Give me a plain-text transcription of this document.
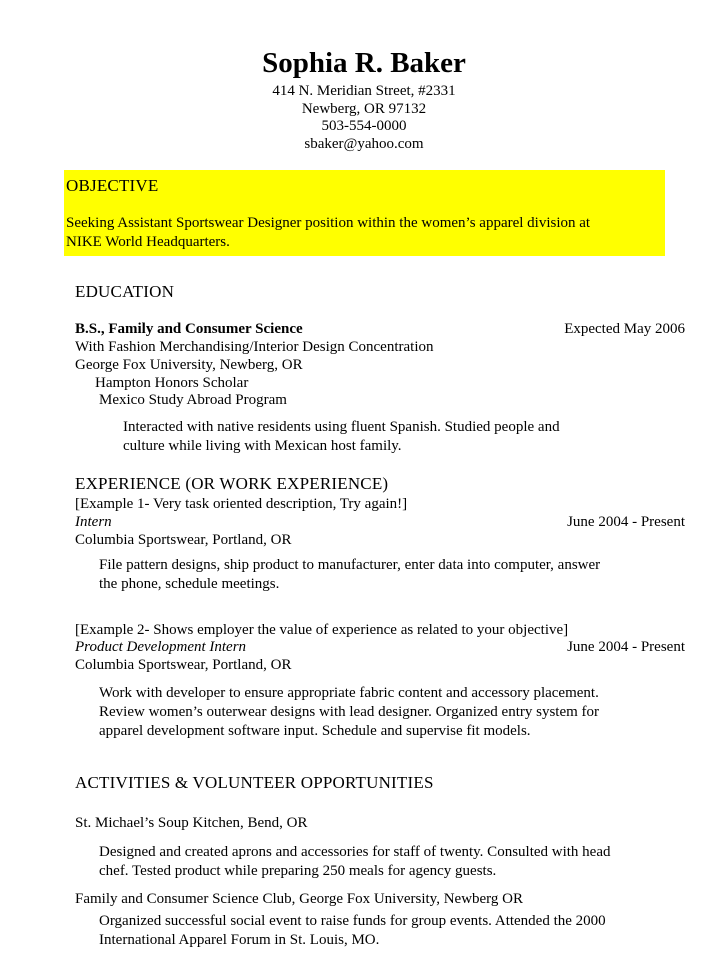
Sophia R. Baker
414 N. Meridian Street, #2331
Newberg, OR 97132
503-554-0000
sbaker@yahoo.com
OBJECTIVE
Seeking Assistant Sportswear Designer position within the women’s apparel division at
NIKE World Headquarters.
EDUCATION
B.S., Family and Consumer Science	Expected May 2006
With Fashion Merchandising/Interior Design Concentration
George Fox University, Newberg, OR
Hampton Honors Scholar
Mexico Study Abroad Program
Interacted with native residents using fluent Spanish. Studied people and
culture while living with Mexican host family.
EXPERIENCE (OR WORK EXPERIENCE)
[Example 1- Very task oriented description, Try again!]
Intern	June 2004 - Present
Columbia Sportswear, Portland, OR
File pattern designs, ship product to manufacturer, enter data into computer, answer
the phone, schedule meetings.
[Example 2- Shows employer the value of experience as related to your objective]
Product Development Intern	June 2004 - Present
Columbia Sportswear, Portland, OR
Work with developer to ensure appropriate fabric content and accessory placement.
Review women’s outerwear designs with lead designer. Organized entry system for
apparel development software input. Schedule and supervise fit models.
ACTIVITIES & VOLUNTEER OPPORTUNITIES
St. Michael’s Soup Kitchen, Bend, OR
Designed and created aprons and accessories for staff of twenty. Consulted with head
chef. Tested product while preparing 250 meals for agency guests.
Family and Consumer Science Club, George Fox University, Newberg OR
Organized successful social event to raise funds for group events. Attended the 2000
International Apparel Forum in St. Louis, MO.
